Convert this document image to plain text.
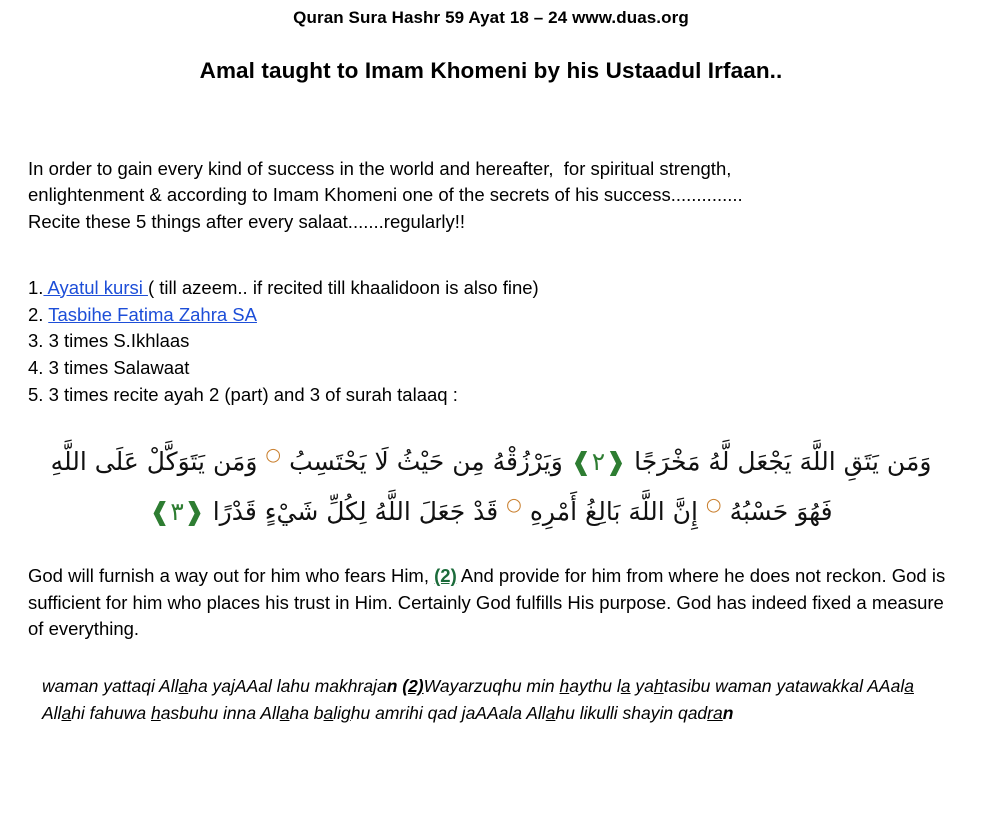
Quran Sura Hashr 59 Ayat 18 – 24 www.duas.org
Amal taught to Imam Khomeni by his Ustaadul Irfaan..
In order to gain every kind of success in the world and hereafter,  for spiritual strength,
enlightenment & according to Imam Khomeni one of the secrets of his success..............
Recite these 5 things after every salaat.......regularly!!
1. Ayatul kursi ( till azeem.. if recited till khaalidoon is also fine)
2. Tasbihe Fatima Zahra SA
3. 3 times S.Ikhlaas
4. 3 times Salawaat
5. 3 times recite ayah 2 (part) and 3 of surah talaaq :
وَمَن يَتَقِ اللَّهَ يَجْعَل لَّهُ مَخْرَجًا ❰٢❱ وَيَرْزُقْهُ مِن حَيْثُ لَا يَحْتَسِبُ ○ وَمَن يَتَوَكَّلْ عَلَى اللَّهِ
فَهُوَ حَسْبُهُ ○ إِنَّ اللَّهَ بَالِغُ أَمْرِهِ ○ قَدْ جَعَلَ اللَّهُ لِكُلِّ شَيْءٍ قَدْرًا ❰٣❱
God will furnish a way out for him who fears Him, (2) And provide for him from where he does not reckon. God is sufficient for him who places his trust in Him. Certainly God fulfills His purpose. God has indeed fixed a measure of everything.
waman yattaqi Allaha yajAAal lahu makhrajan (2)Wayarzuqhu min haythu la yahtasibu waman yatawakkal AAala Allahi fahuwa hasbuhu inna Allaha balighu amrihi qad jaAAala Allahu likulli shayin qadran
